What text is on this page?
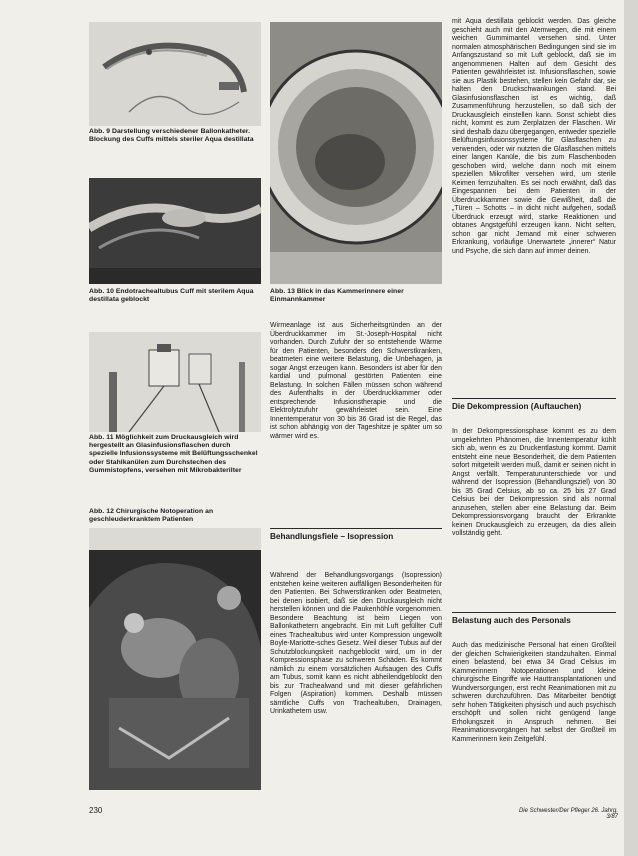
Abb. 9 Darstellung verschiedener Ballonkatheter. Blockung des Cuffs mittels steriler Aqua destillata
Abb. 10 Endotrachealtubus Cuff mit sterilem Aqua destillata geblockt
Abb. 11 Möglichkeit zum Druckausgleich wird hergestellt an Glasinfusionsflaschen durch spezielle Infusionssysteme mit Belüftungsschenkel oder Stahlkanülen zum Durchstechen des Gummistopfens, versehen mit Mikrobakterilter
Abb. 12 Chirurgische Notoperation an geschleuderkranktem Patienten
Abb. 13 Blick in das Kammerinnere einer Einmannkammer

Wirmeanlage ist aus Sicherheitsgründen an der Überdruckkammer im St.-Joseph-Hospital nicht vorhanden. Durch Zufuhr der so entstehende Wärme für den Patienten, besonders den Schwerstkranken, beatmeten eine weitere Belastung, die Unbehagen, ja sogar Angst erzeugen kann. Besonders ist aber für den kardial und pulmonal gestörten Patienten eine Belastung. In solchen Fällen müssen schon während des Aufenthalts in der Überdruckkammer oder entsprechende Infusionstherapie und die Elektrolytzufuhr gewährleistet sein. Eine Innentemperatur von 30 bis 36 Grad ist die Regel, das ist schon abhängig von der Tageshitze je später um so wärmer wird es.

Behandlungsfiele – Isopression

Während der Behandlungsvorgangs (Isopression) entstehen keine weiteren auffälligen Besonderheiten für den Patienten. Bei Schwerstkranken oder Beatmeten, bei denen isobiert, daß sie den Druckausgleich nicht herstellen können und die Paukenhöhle vorgenommen. Besondere Beachtung ist beim Liegen von Ballonkathetern angebracht. Ein mit Luft gefüllter Cuff eines Trachealtubus wird unter Kompression ungewollt Boyle-Mariotte-sches Gesetz. Weil dieser Tubus auf der Schutzblockungskeit nachgeblockt wird, um in der Kompressionsphase zu schweren Schäden. Es kommt nämlich zu einem vorsätzlichen Aufsaugen des Cuffs am Tubus, somit kann es nicht abheilendgeblockt den bis zur Trachealwand und mit dieser gefährlichen Folgen (Aspiration) kommen. Deshalb müssen sämtliche Cuffs von Trachealtuben, Drainagen, Urinkathetern usw.

mit Aqua destillata geblockt werden. Das gleiche geschieht auch mit den Atemwegen, die mit einem weichen Gummimantel versehen sind. Unter normalen atmosphärischen Bedingungen sind sie im Anfangszustand so mit Luft geblockt, daß sie im angenommenen Halten auf dem Gesicht des Patienten gewährleistet ist. Infusionsflaschen, sowie sie aus Plastik bestehen, stellen kein Gefahr dar, sie halten den Druckschwankungen stand. Bei Glasinfusionsflaschen ist es wichtig, daß Zusammenführung herzustellen, so daß sich der Druckausgleich einstellen kann. Sonst schiebt dies nicht, kommt es zum Zerplatzen der Flaschen. Wir sind deshalb dazu übergegangen, entweder spezielle Belüftungsinfusionssysteme für Glasflaschen zu verwenden, oder wir nutzten die Glasflaschen mittels einer langen Kanüle, die bis zum Flaschenboden geschoben wird, welche dann noch mit einem speziellen Mikrofilter versehen wird, um sterile Keimen fernzuhalten. Es sei noch erwähnt, daß das Eingespannen bei dem Patienten in der Überdruckkammer sowie die Gewißheit, daß die „Türen – Schotts – in dicht nicht aufgehen, sodaß Überdruck erzeugt wird, starke Reaktionen und obtanes Angstgefühl erzeugen kann. Nicht selten, schon gar nicht Jemand mit einer schweren Erkrankung, vorläufige Unerwartete „innerer“ Natur und Psyche, die sich dann auf immer deinen.

Die Dekompression (Auftauchen)

In der Dekompressionsphase kommt es zu dem umgekehrten Phänomen, die Innentemperatur kühlt sich ab, wenn es zu Druckentlastung kommt. Damit entsteht eine neue Besonderheit, die dem Patienten sofort mitgeteilt werden muß, damit er seinen nicht in Angst verfällt. Temperaturunterschiede vor und während der Isopression (Behandlungsziel) von 30 bis 35 Grad Celsius, ab so ca. 25 bis 27 Grad Celsius bei der Dekompression sind als normal anzusehen, stellen aber eine Belastung dar. Beim Dekompressionsvorgang braucht der Erkrankte keinen Druckausgleich zu erzeugen, da dies allein vollständig geht.

Belastung auch des Personals

Auch das medizinische Personal hat einen Großteil der gleichen Schwierigkeiten standzuhalten. Einmal einen belastend, bei etwa 34 Grad Celsius im Kammerinnern Notoperationen und kleine chirurgische Eingriffe wie Hauttransplantationen und Wundversorgungen, erst recht Reanimationen mit zu schweren durchzuführen. Das Mitarbeiter benötigt sehr hohen Tätigkeiten physisch und auch psychisch erschöpft und sollen nicht genügend lange Erholungszeit in Anspruch nehmen. Bei Reanimationsvorgängen hat selbst der Großteil im Kammerinnern kein Zeitgefühl.

230	Die Schwester/Der Pfleger 26. Jahrg. 3/87
